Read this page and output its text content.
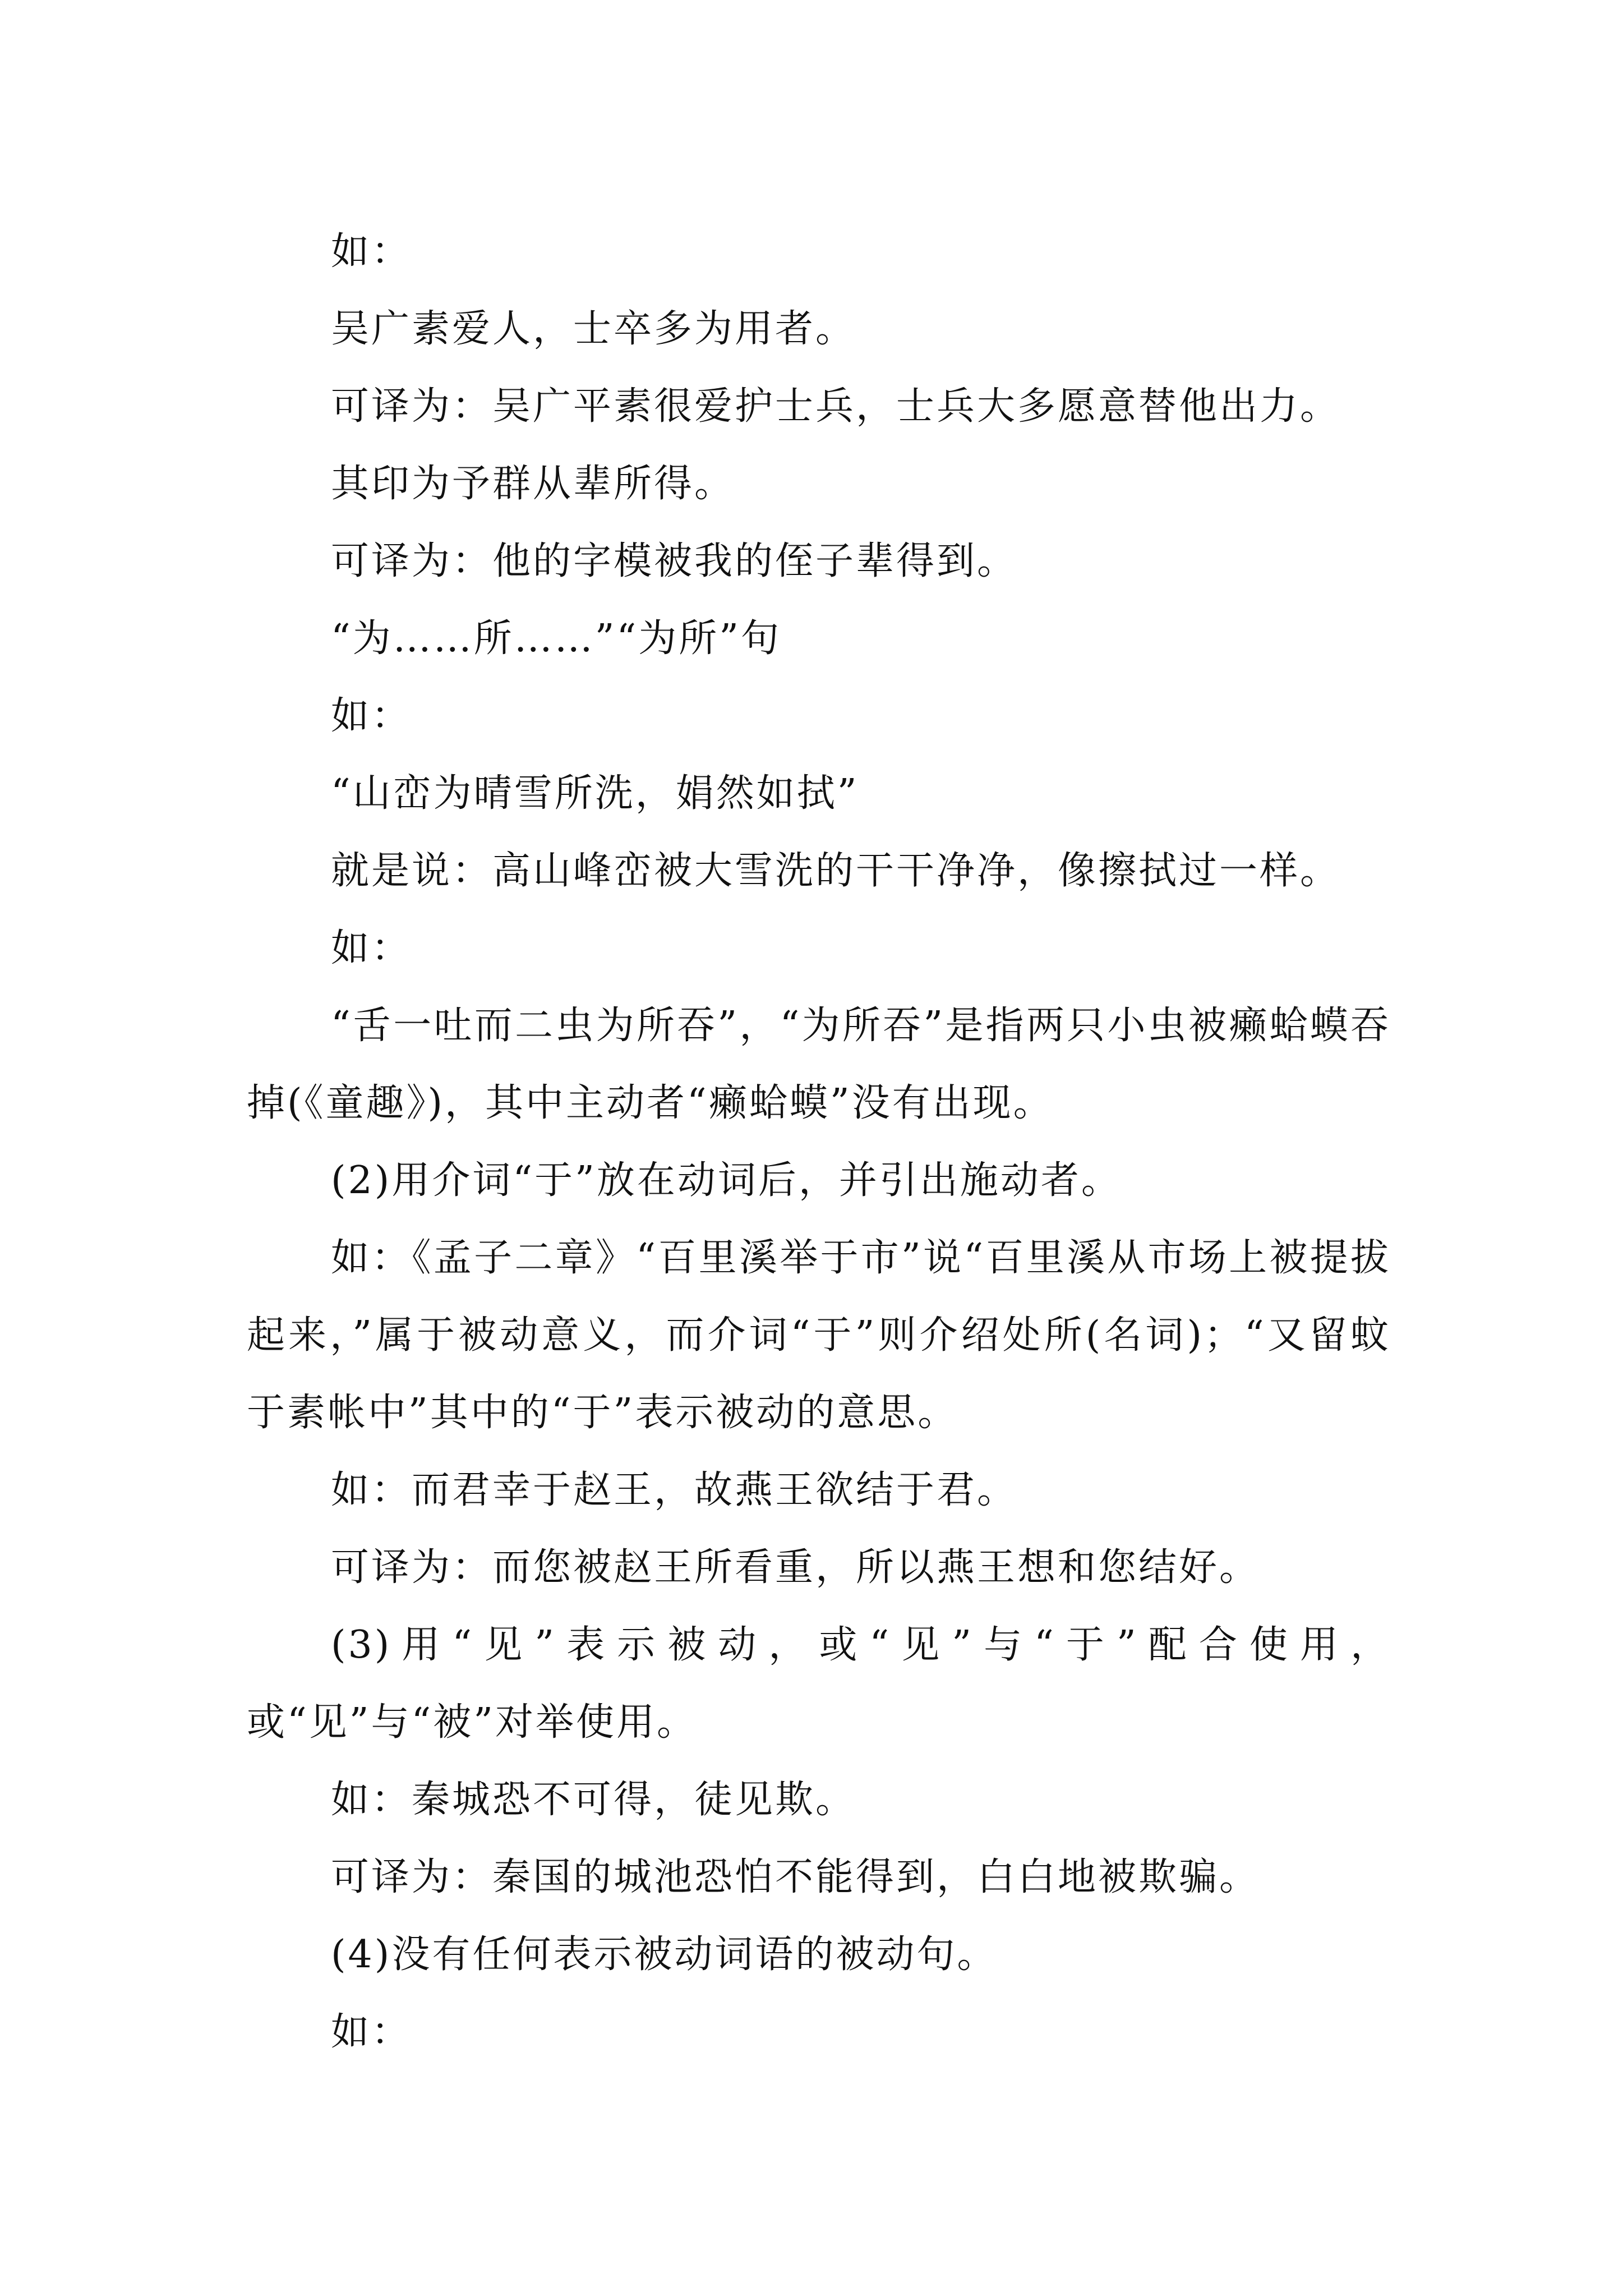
如：
吴广素爱人，士卒多为用者。
可译为：吴广平素很爱护士兵，士兵大多愿意替他出力。
其印为予群从辈所得。
可译为：他的字模被我的侄子辈得到。
“为……所……”“为所”句
如：
“山峦为晴雪所洗，娟然如拭”
就是说：高山峰峦被大雪洗的干干净净，像擦拭过一样。
如：
“舌一吐而二虫为所吞”，“为所吞”是指两只小虫被癞蛤蟆吞掉(《童趣》)，其中主动者“癞蛤蟆”没有出现。
(2)用介词“于”放在动词后，并引出施动者。
如：《孟子二章》“百里溪举于市”说“百里溪从市场上被提拔起来，”属于被动意义，而介词“于”则介绍处所(名词)；“又留蚊于素帐中”其中的“于”表示被动的意思。
如：而君幸于赵王，故燕王欲结于君。
可译为：而您被赵王所看重，所以燕王想和您结好。
(3)用“见”表示被动，或“见”与“于”配合使用，或“见”与“被”对举使用。
如：秦城恐不可得，徒见欺。
可译为：秦国的城池恐怕不能得到，白白地被欺骗。
(4)没有任何表示被动词语的被动句。
如：
